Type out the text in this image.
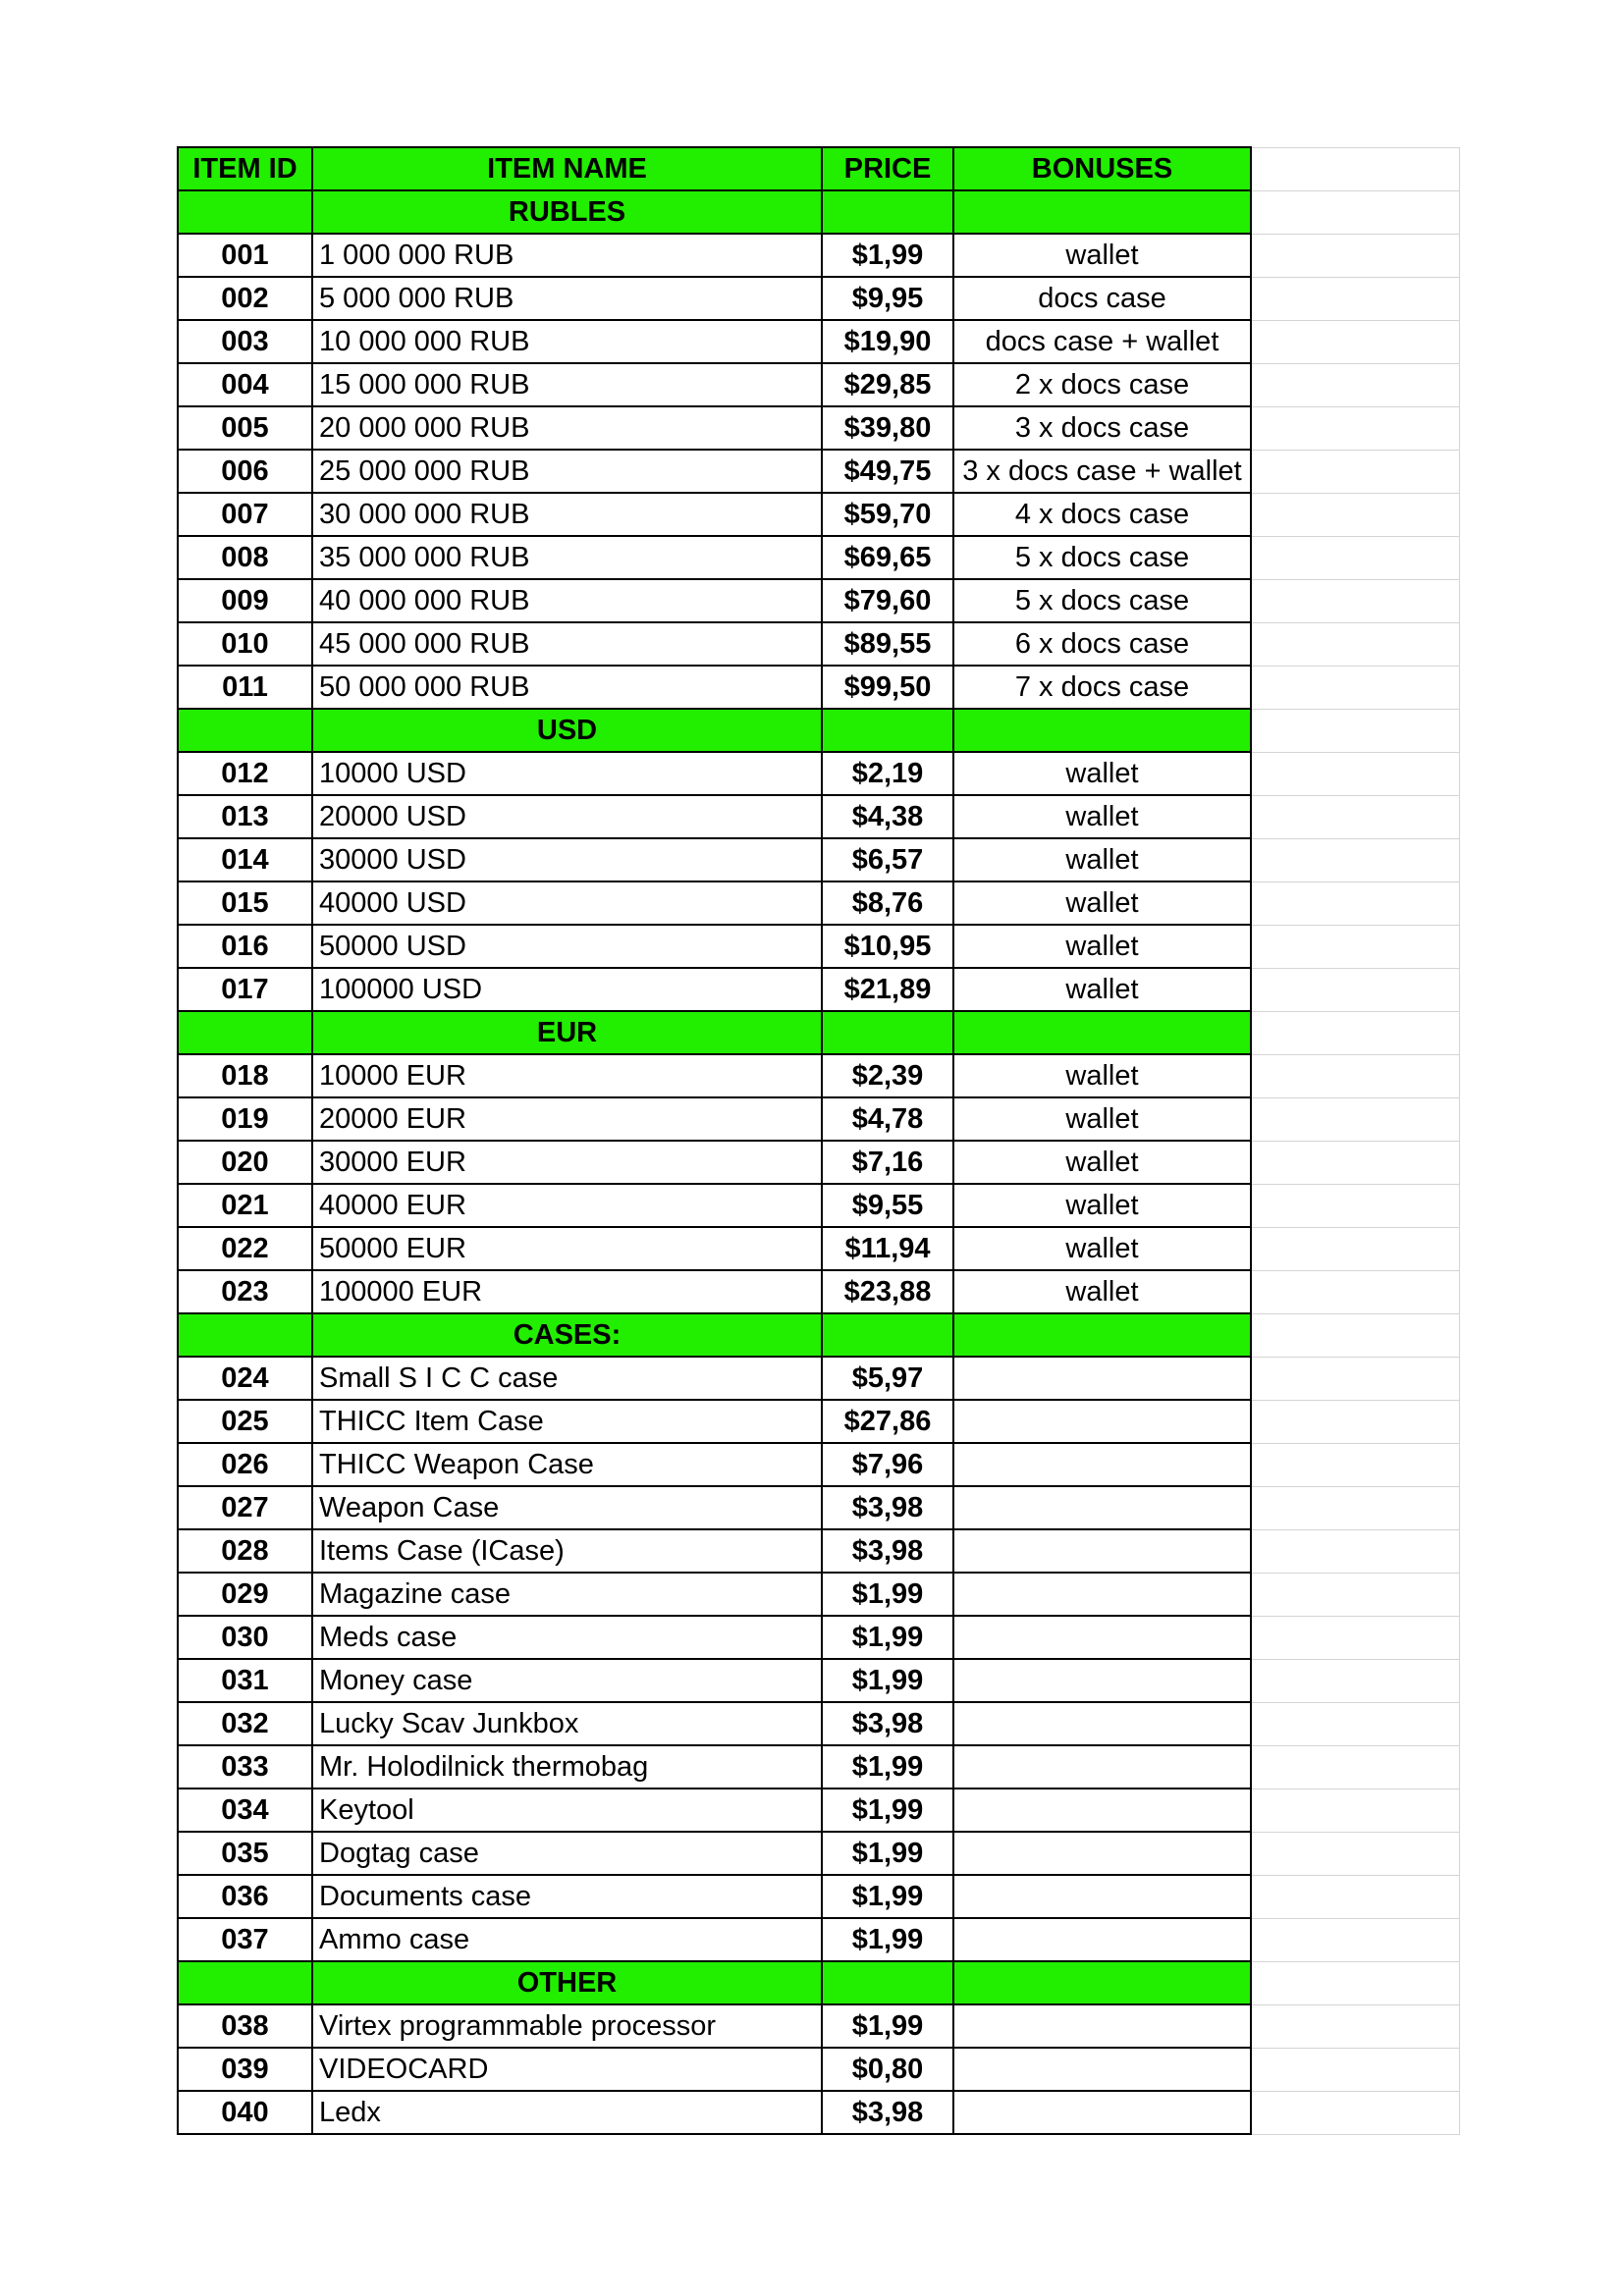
ITEM ID	ITEM NAME	PRICE	BONUSES	
	RUBLES			
001	1 000 000 RUB	$1,99	wallet	
002	5 000 000 RUB	$9,95	docs case	
003	10 000 000 RUB	$19,90	docs case + wallet	
004	15 000 000 RUB	$29,85	2 x docs case	
005	20 000 000 RUB	$39,80	3 x docs case	
006	25 000 000 RUB	$49,75	3 x docs case + wallet	
007	30 000 000 RUB	$59,70	4 x docs case	
008	35 000 000 RUB	$69,65	5 x docs case	
009	40 000 000 RUB	$79,60	5 x docs case	
010	45 000 000 RUB	$89,55	6 x docs case	
011	50 000 000 RUB	$99,50	7 x docs case	
	USD			
012	10000 USD	$2,19	wallet	
013	20000 USD	$4,38	wallet	
014	30000 USD	$6,57	wallet	
015	40000 USD	$8,76	wallet	
016	50000 USD	$10,95	wallet	
017	100000 USD	$21,89	wallet	
	EUR			
018	10000 EUR	$2,39	wallet	
019	20000 EUR	$4,78	wallet	
020	30000 EUR	$7,16	wallet	
021	40000 EUR	$9,55	wallet	
022	50000 EUR	$11,94	wallet	
023	100000 EUR	$23,88	wallet	
	CASES:			
024	Small S I C C case	$5,97		
025	THICC Item Case	$27,86		
026	THICC Weapon Case	$7,96		
027	Weapon Case	$3,98		
028	Items Case (ICase)	$3,98		
029	Magazine case	$1,99		
030	Meds case	$1,99		
031	Money case	$1,99		
032	Lucky Scav Junkbox	$3,98		
033	Mr. Holodilnick thermobag	$1,99		
034	Keytool	$1,99		
035	Dogtag case	$1,99		
036	Documents case	$1,99		
037	Ammo case	$1,99		
	OTHER			
038	Virtex programmable processor	$1,99		
039	VIDEOCARD	$0,80		
040	Ledx	$3,98		
